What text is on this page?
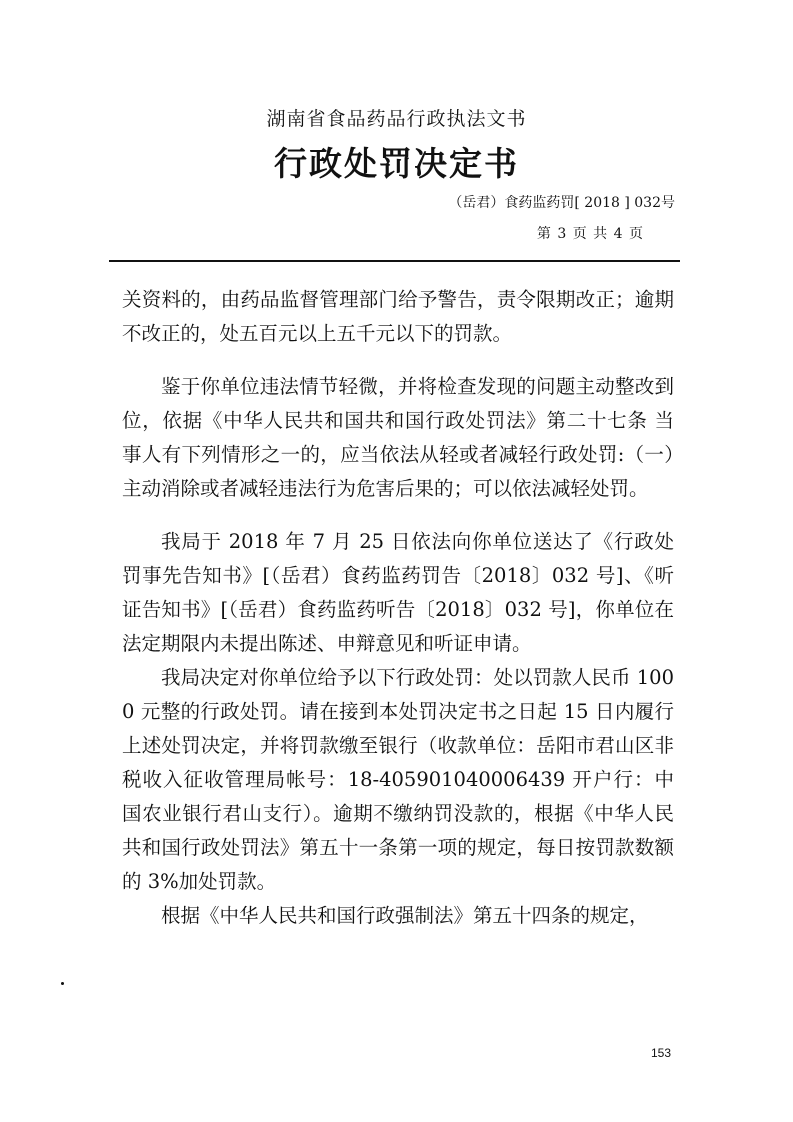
湖南省食品药品行政执法文书
行政处罚决定书
（岳君）食药监药罚[ 2018 ] 032号
第 3 页 共 4 页

关资料的，由药品监督管理部门给予警告，责令限期改正；逾期不改正的，处五百元以上五千元以下的罚款。

鉴于你单位违法情节轻微，并将检查发现的问题主动整改到位，依据《中华人民共和国共和国行政处罚法》第二十七条 当事人有下列情形之一的，应当依法从轻或者减轻行政处罚:（一）主动消除或者减轻违法行为危害后果的；可以依法减轻处罚。

我局于 2018 年 7 月 25 日依法向你单位送达了《行政处罚事先告知书》[（岳君）食药监药罚告〔2018〕032 号]、《听证告知书》[（岳君）食药监药听告〔2018〕032 号]，你单位在法定期限内未提出陈述、申辩意见和听证申请。

我局决定对你单位给予以下行政处罚：处以罚款人民币 1000 元整的行政处罚。请在接到本处罚决定书之日起 15 日内履行上述处罚决定，并将罚款缴至银行（收款单位：岳阳市君山区非税收入征收管理局帐号：18-405901040006439 开户行：中国农业银行君山支行）。逾期不缴纳罚没款的，根据《中华人民共和国行政处罚法》第五十一条第一项的规定，每日按罚款数额的 3%加处罚款。

根据《中华人民共和国行政强制法》第五十四条的规定，

153
